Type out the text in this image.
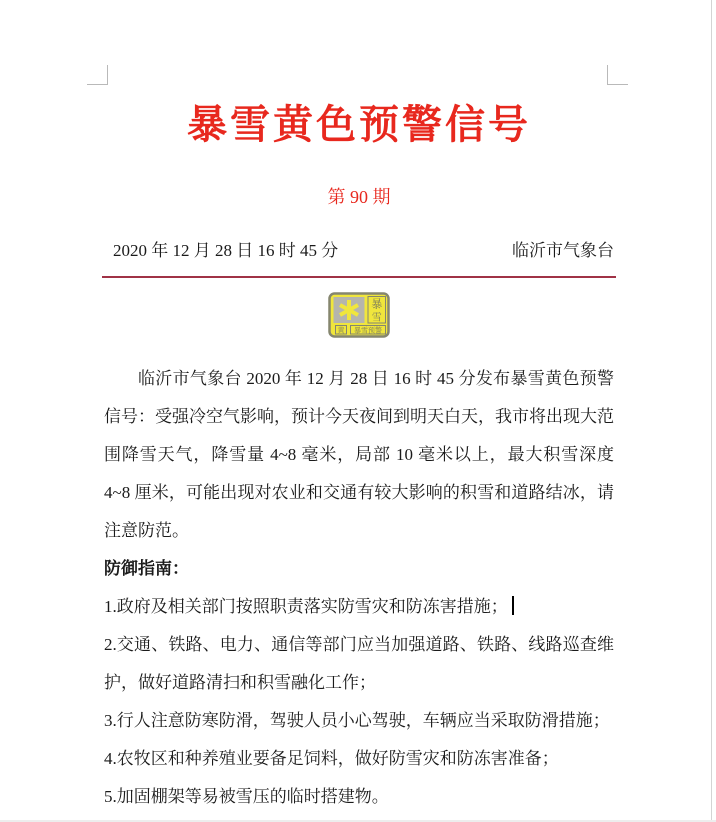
暴雪黄色预警信号
第 90 期
2020 年 12 月 28 日 16 时 45 分	临沂市气象台
暴
雪
黄 暴雪预警

临沂市气象台 2020 年 12 月 28 日 16 时 45 分发布暴雪黄色预警信号：受强冷空气影响，预计今天夜间到明天白天，我市将出现大范围降雪天气，降雪量 4~8 毫米，局部 10 毫米以上，最大积雪深度 4~8 厘米，可能出现对农业和交通有较大影响的积雪和道路结冰，请注意防范。

防御指南：

1.政府及相关部门按照职责落实防雪灾和防冻害措施；

2.交通、铁路、电力、通信等部门应当加强道路、铁路、线路巡查维护，做好道路清扫和积雪融化工作；

3.行人注意防寒防滑，驾驶人员小心驾驶，车辆应当采取防滑措施；

4.农牧区和种养殖业要备足饲料，做好防雪灾和防冻害准备；

5.加固棚架等易被雪压的临时搭建物。
